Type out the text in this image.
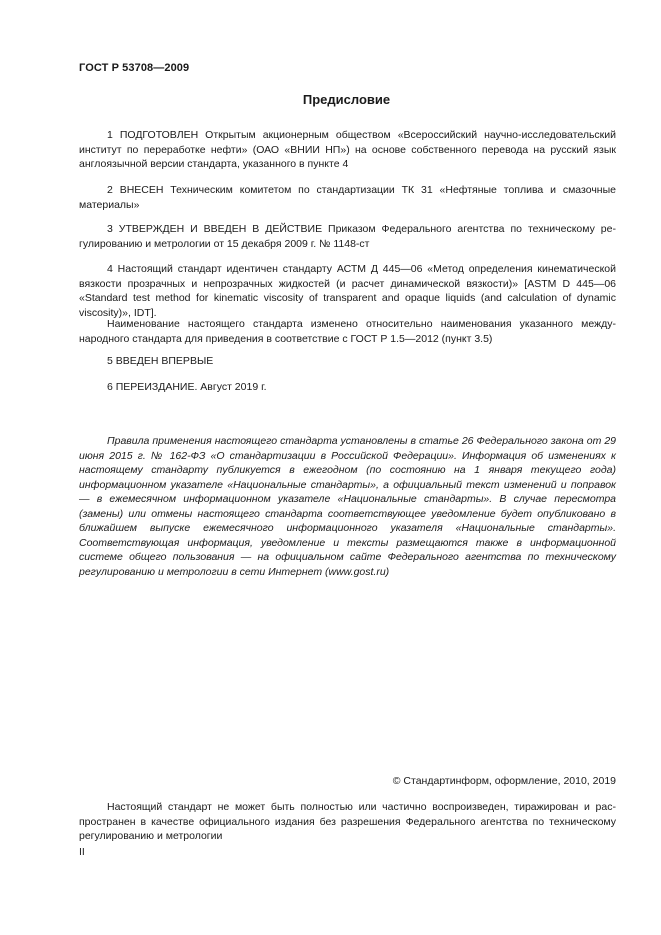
ГОСТ Р 53708—2009
Предисловие

1 ПОДГОТОВЛЕН Открытым акционерным обществом «Всероссийский научно-исследовательский институт по переработке нефти» (ОАО «ВНИИ НП») на основе собственного перевода на русский язык англоязычной версии стандарта, указанного в пункте 4

2 ВНЕСЕН Техническим комитетом по стандартизации ТК 31 «Нефтяные топлива и смазочные материалы»

3 УТВЕРЖДЕН И ВВЕДЕН В ДЕЙСТВИЕ Приказом Федерального агентства по техническому регулированию и метрологии от 15 декабря 2009 г. № 1148-ст

4 Настоящий стандарт идентичен стандарту АСТМ Д 445—06 «Метод определения кинематической вязкости прозрачных и непрозрачных жидкостей (и расчет динамической вязкости)» [ASTM D 445—06 «Standard test method for kinematic viscosity of transparent and opaque liquids (and calculation of dynamic viscosity)», IDT].

Наименование настоящего стандарта изменено относительно наименования указанного международного стандарта для приведения в соответствие с ГОСТ Р 1.5—2012 (пункт 3.5)

5 ВВЕДЕН ВПЕРВЫЕ

6 ПЕРЕИЗДАНИЕ. Август 2019 г.

Правила применения настоящего стандарта установлены в статье 26 Федерального закона от 29 июня 2015 г. № 162-ФЗ «О стандартизации в Российской Федерации». Информация об изменениях к настоящему стандарту публикуется в ежегодном (по состоянию на 1 января текущего года) информационном указателе «Национальные стандарты», а официальный текст изменений и поправок — в ежемесячном информационном указателе «Национальные стандарты». В случае пересмотра (замены) или отмены настоящего стандарта соответствующее уведомление будет опубликовано в ближайшем выпуске ежемесячного информационного указателя «Национальные стандарты». Соответствующая информация, уведомление и тексты размещаются также в информационной системе общего пользования — на официальном сайте Федерального агентства по техническому регулированию и метрологии в сети Интернет (www.gost.ru)

© Стандартинформ, оформление, 2010, 2019

Настоящий стандарт не может быть полностью или частично воспроизведен, тиражирован и распространен в качестве официального издания без разрешения Федерального агентства по техническому регулированию и метрологии

II
